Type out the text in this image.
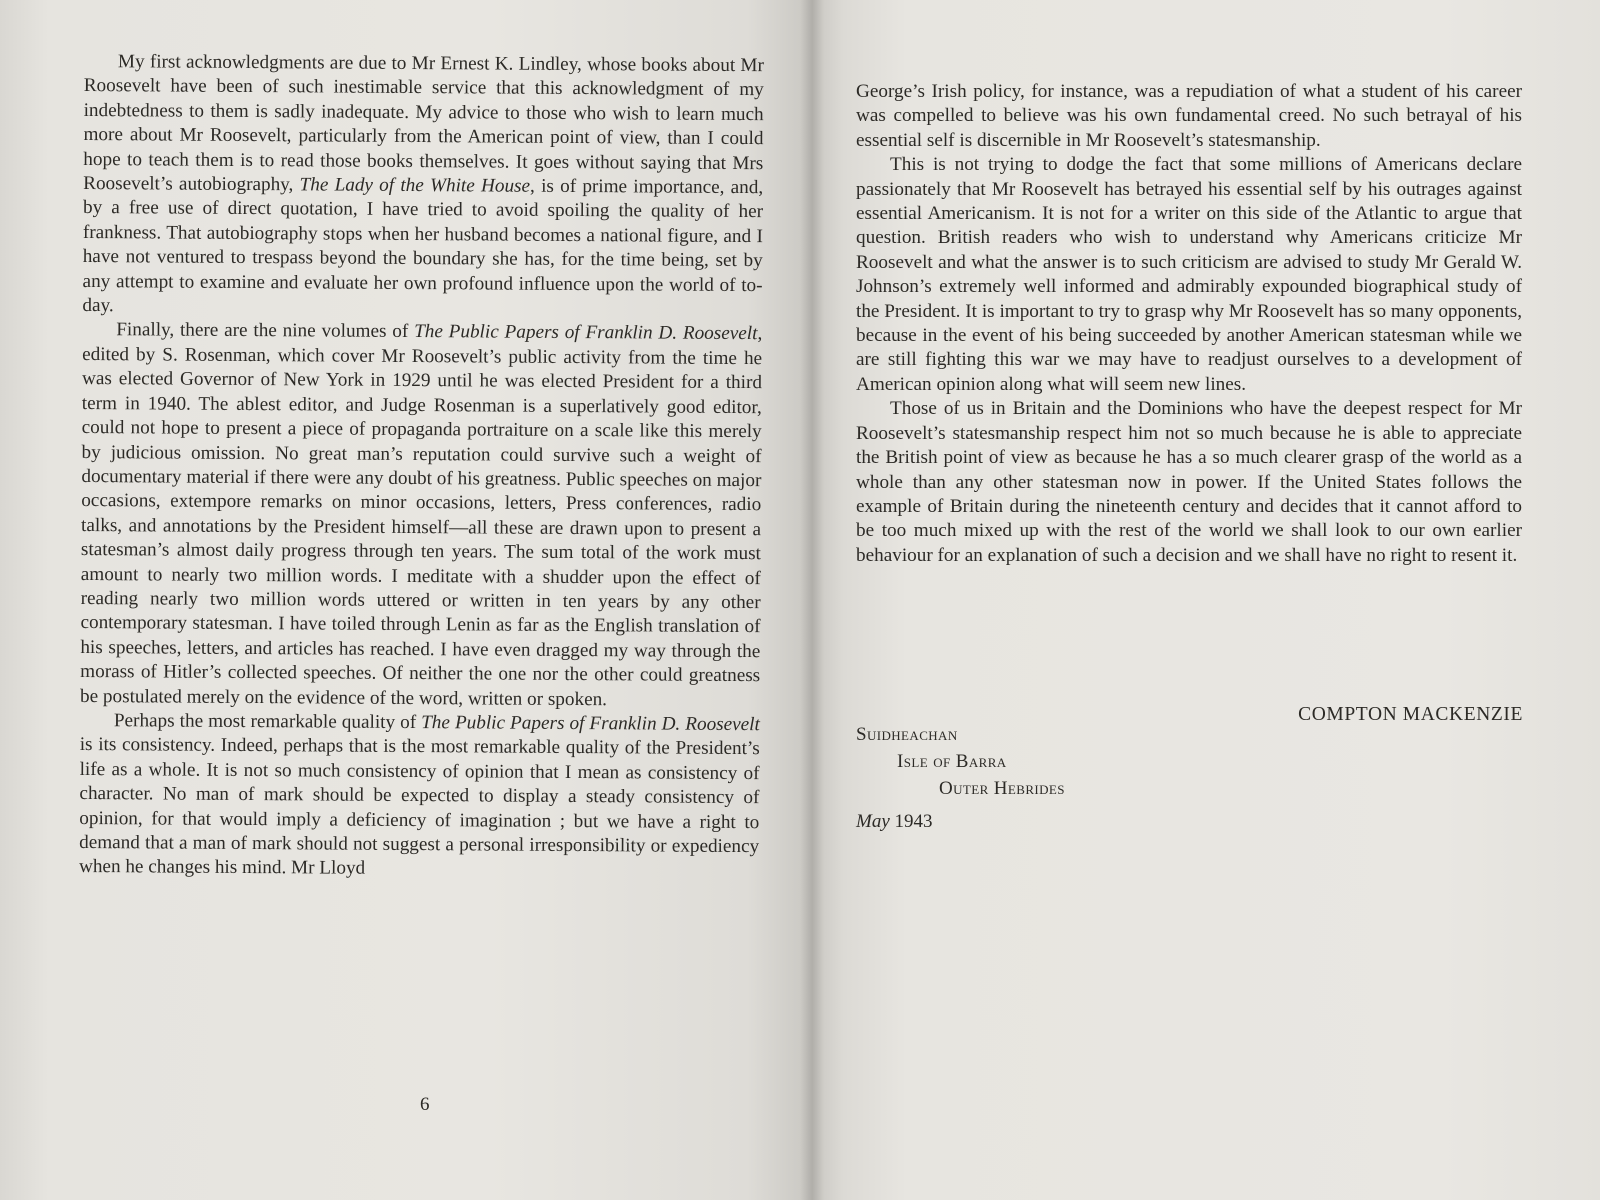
My first acknowledgments are due to Mr Ernest K. Lindley, whose books about Mr Roosevelt have been of such inestimable service that this acknowledgment of my indebtedness to them is sadly inadequate. My advice to those who wish to learn much more about Mr Roosevelt, particularly from the American point of view, than I could hope to teach them is to read those books themselves. It goes without saying that Mrs Roosevelt’s autobiography, The Lady of the White House, is of prime importance, and, by a free use of direct quotation, I have tried to avoid spoiling the quality of her frankness. That autobiography stops when her husband becomes a national figure, and I have not ventured to trespass beyond the boundary she has, for the time being, set by any attempt to examine and evaluate her own profound influence upon the world of to-day.

Finally, there are the nine volumes of The Public Papers of Franklin D. Roosevelt, edited by S. Rosenman, which cover Mr Roosevelt’s public activity from the time he was elected Governor of New York in 1929 until he was elected President for a third term in 1940. The ablest editor, and Judge Rosenman is a superlatively good editor, could not hope to present a piece of propaganda portraiture on a scale like this merely by judicious omission. No great man’s reputation could survive such a weight of documentary material if there were any doubt of his greatness. Public speeches on major occasions, extempore remarks on minor occasions, letters, Press conferences, radio talks, and annotations by the President himself—all these are drawn upon to present a statesman’s almost daily progress through ten years. The sum total of the work must amount to nearly two million words. I meditate with a shudder upon the effect of reading nearly two million words uttered or written in ten years by any other contemporary statesman. I have toiled through Lenin as far as the English translation of his speeches, letters, and articles has reached. I have even dragged my way through the morass of Hitler’s collected speeches. Of neither the one nor the other could greatness be postulated merely on the evidence of the word, written or spoken.

Perhaps the most remarkable quality of The Public Papers of Franklin D. Roosevelt is its consistency. Indeed, perhaps that is the most remarkable quality of the President’s life as a whole. It is not so much consistency of opinion that I mean as consistency of character. No man of mark should be expected to display a steady consistency of opinion, for that would imply a deficiency of imagination ; but we have a right to demand that a man of mark should not suggest a personal irresponsibility or expediency when he changes his mind. Mr Lloyd

6

George’s Irish policy, for instance, was a repudiation of what a student of his career was compelled to believe was his own fundamental creed. No such betrayal of his essential self is discernible in Mr Roosevelt’s statesmanship.

This is not trying to dodge the fact that some millions of Americans declare passionately that Mr Roosevelt has betrayed his essential self by his outrages against essential Americanism. It is not for a writer on this side of the Atlantic to argue that question. British readers who wish to understand why Americans criticize Mr Roosevelt and what the answer is to such criticism are advised to study Mr Gerald W. Johnson’s extremely well informed and admirably expounded biographical study of the President. It is important to try to grasp why Mr Roosevelt has so many opponents, because in the event of his being succeeded by another American statesman while we are still fighting this war we may have to readjust ourselves to a development of American opinion along what will seem new lines.

Those of us in Britain and the Dominions who have the deepest respect for Mr Roosevelt’s statesmanship respect him not so much because he is able to appreciate the British point of view as because he has a so much clearer grasp of the world as a whole than any other statesman now in power. If the United States follows the example of Britain during the nineteenth century and decides that it cannot afford to be too much mixed up with the rest of the world we shall look to our own earlier behaviour for an explanation of such a decision and we shall have no right to resent it.

COMPTON MACKENZIE
Suidheachan
Isle of Barra
Outer Hebrides
May 1943
